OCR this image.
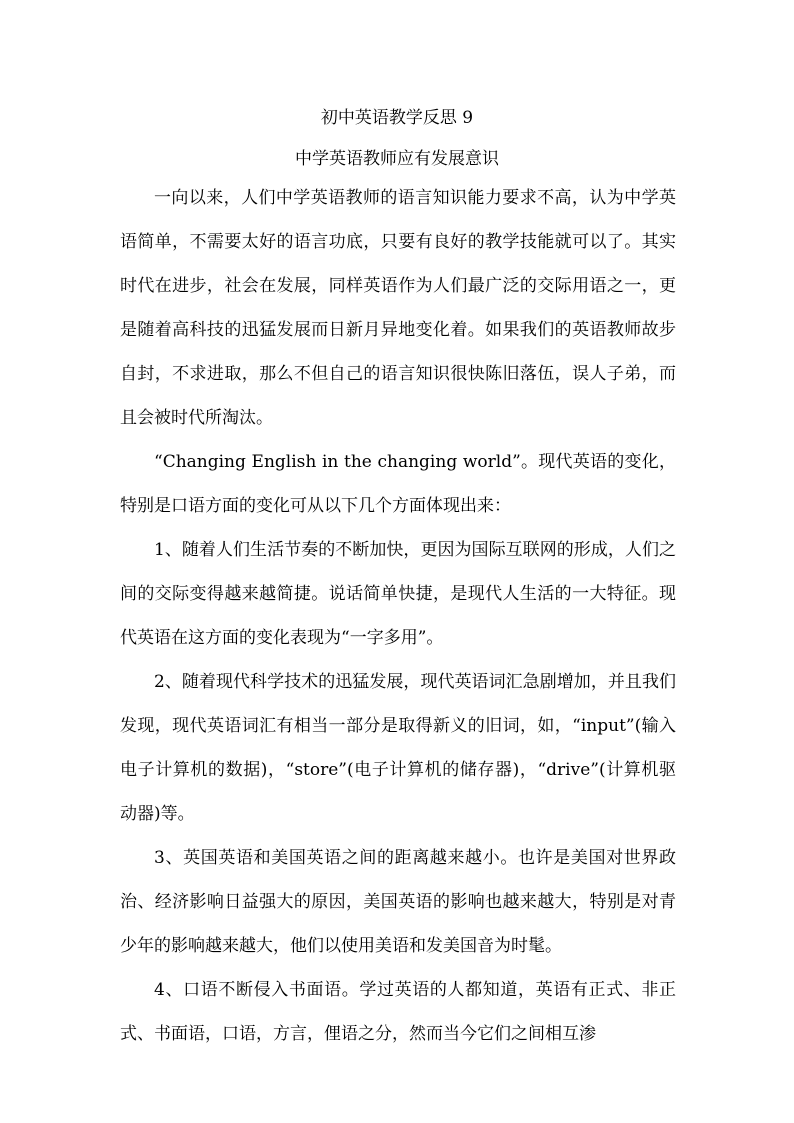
初中英语教学反思 9
中学英语教师应有发展意识

一向以来，人们中学英语教师的语言知识能力要求不高，认为中学英语简单，不需要太好的语言功底，只要有良好的教学技能就可以了。其实时代在进步，社会在发展，同样英语作为人们最广泛的交际用语之一，更是随着高科技的迅猛发展而日新月异地变化着。如果我们的英语教师故步自封，不求进取，那么不但自己的语言知识很快陈旧落伍，误人子弟，而且会被时代所淘汰。

“Changing English in the changing world”。现代英语的变化，特别是口语方面的变化可从以下几个方面体现出来：

1、随着人们生活节奏的不断加快，更因为国际互联网的形成，人们之间的交际变得越来越简捷。说话简单快捷，是现代人生活的一大特征。现代英语在这方面的变化表现为“一字多用”。

2、随着现代科学技术的迅猛发展，现代英语词汇急剧增加，并且我们发现，现代英语词汇有相当一部分是取得新义的旧词，如，“input”(输入电子计算机的数据)，“store”(电子计算机的储存器)，“drive”(计算机驱动器)等。

3、英国英语和美国英语之间的距离越来越小。也许是美国对世界政治、经济影响日益强大的原因，美国英语的影响也越来越大，特别是对青少年的影响越来越大，他们以使用美语和发美国音为时髦。

4、口语不断侵入书面语。学过英语的人都知道，英语有正式、非正式、书面语，口语，方言，俚语之分，然而当今它们之间相互渗
